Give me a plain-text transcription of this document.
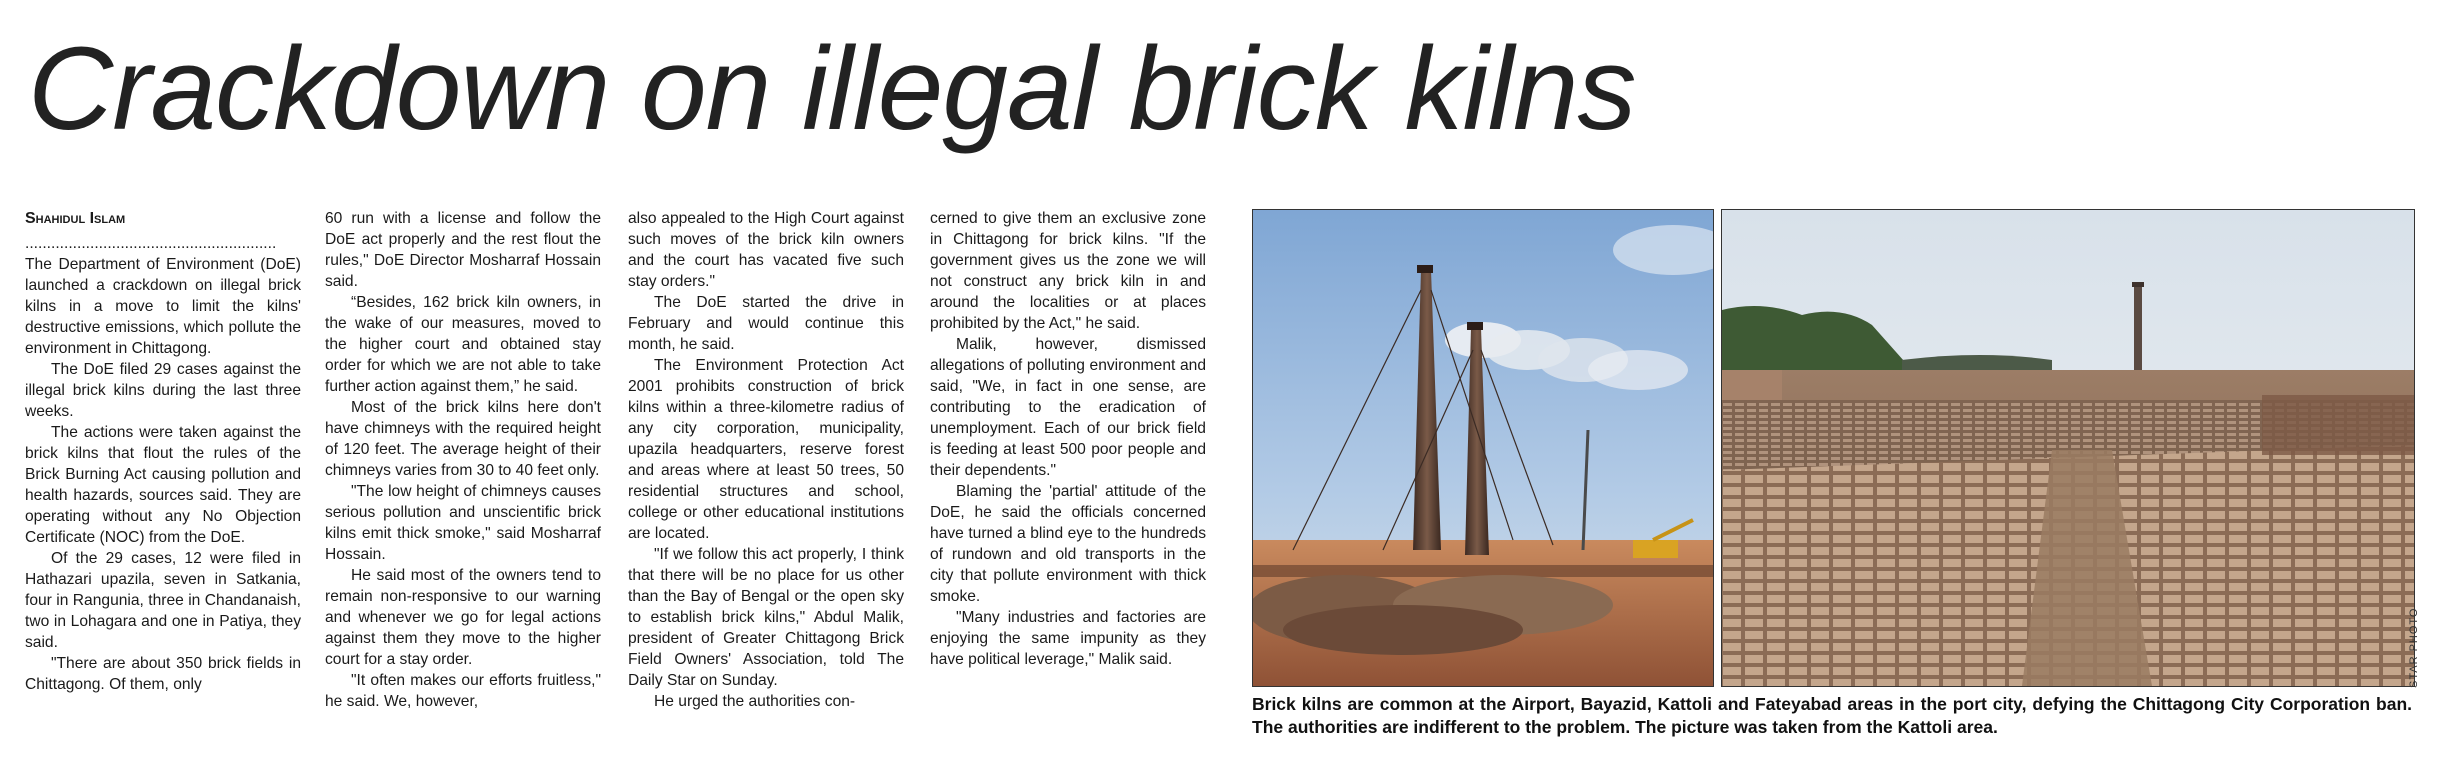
Crackdown on illegal brick kilns
Shahidul Islam
..........................................................

The Department of Environment (DoE) launched a crackdown on illegal brick kilns in a move to limit the kilns' destructive emissions, which pollute the environment in Chittagong.

The DoE filed 29 cases against the illegal brick kilns during the last three weeks.

The actions were taken against the brick kilns that flout the rules of the Brick Burning Act causing pollution and health hazards, sources said. They are operating without any No Objection Certificate (NOC) from the DoE.

Of the 29 cases, 12 were filed in Hathazari upazila, seven in Satkania, four in Rangunia, three in Chandanaish, two in Lohagara and one in Patiya, they said.

"There are about 350 brick fields in Chittagong. Of them, only

60 run with a license and follow the DoE act properly and the rest flout the rules," DoE Director Mosharraf Hossain said.

“Besides, 162 brick kiln owners, in the wake of our measures, moved to the higher court and obtained stay order for which we are not able to take further action against them,” he said.

Most of the brick kilns here don't have chimneys with the required height of 120 feet. The average height of their chimneys varies from 30 to 40 feet only.

"The low height of chimneys causes serious pollution and unscientific brick kilns emit thick smoke," said Mosharraf Hossain.

He said most of the owners tend to remain non-responsive to our warning and whenever we go for legal actions against them they move to the higher court for a stay order.

"It often makes our efforts fruitless," he said. We, however,

also appealed to the High Court against such moves of the brick kiln owners and the court has vacated five such stay orders."

The DoE started the drive in February and would continue this month, he said.

The Environment Protection Act 2001 prohibits construction of brick kilns within a three-kilometre radius of any city corporation, municipality, upazila headquarters, reserve forest and areas where at least 50 trees, 50 residential structures and school, college or other educational institutions are located.

"If we follow this act properly, I think that there will be no place for us other than the Bay of Bengal or the open sky to establish brick kilns," Abdul Malik, president of Greater Chittagong Brick Field Owners' Association, told The Daily Star on Sunday.

He urged the authorities con-

cerned to give them an exclusive zone in Chittagong for brick kilns. "If the government gives us the zone we will not construct any brick kiln in and around the localities or at places prohibited by the Act," he said.

Malik, however, dismissed allegations of polluting environment and said, "We, in fact in one sense, are contributing to the eradication of unemployment. Each of our brick field is feeding at least 500 poor people and their dependents."

Blaming the 'partial' attitude of the DoE, he said the officials concerned have turned a blind eye to the hundreds of rundown and old transports in the city that pollute environment with thick smoke.

"Many industries and factories are enjoying the same impunity as they have political leverage," Malik said.	STAR PHOTO

Brick kilns are common at the Airport, Bayazid, Kattoli and Fateyabad areas in the port city, defying the Chittagong City Corporation ban. The authorities are indifferent to the problem. The picture was taken from the Kattoli area.
